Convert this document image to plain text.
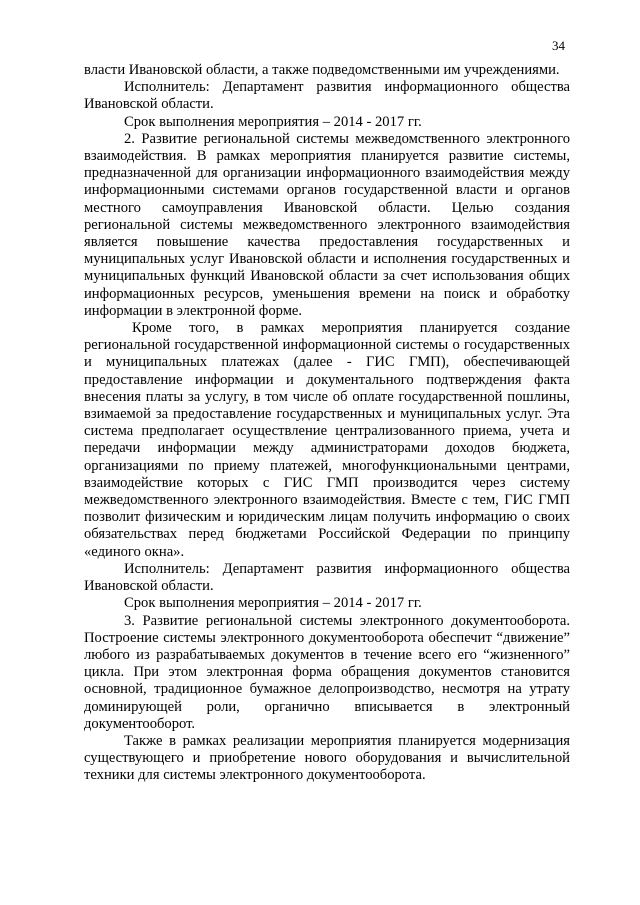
34

власти Ивановской области, а также подведомственными им учреждениями.

Исполнитель: Департамент развития информационного общества Ивановской области.

Срок выполнения мероприятия – 2014 - 2017 гг.

2. Развитие региональной системы межведомственного электронного взаимодействия. В рамках мероприятия планируется развитие системы, предназначенной для организации информационного взаимодействия между информационными системами органов государственной власти и органов местного самоуправления Ивановской области. Целью создания региональной системы межведомственного электронного взаимодействия является повышение качества предоставления государственных и муниципальных услуг Ивановской области и исполнения государственных и муниципальных функций Ивановской области за счет использования общих информационных ресурсов, уменьшения времени на поиск и обработку информации в электронной форме.

Кроме того, в рамках мероприятия планируется создание региональной государственной информационной системы о государственных и муниципальных платежах (далее - ГИС ГМП), обеспечивающей предоставление информации и документального подтверждения факта внесения платы за услугу, в том числе об оплате государственной пошлины, взимаемой за предоставление государственных и муниципальных услуг. Эта система предполагает осуществление централизованного приема, учета и передачи информации между администраторами доходов бюджета, организациями по приему платежей, многофункциональными центрами, взаимодействие которых с ГИС ГМП производится через систему межведомственного электронного взаимодействия. Вместе с тем, ГИС ГМП позволит физическим и юридическим лицам получить информацию о своих обязательствах перед бюджетами Российской Федерации по принципу «единого окна».

Исполнитель: Департамент развития информационного общества Ивановской области.

Срок выполнения мероприятия – 2014 - 2017 гг.

3. Развитие региональной системы электронного документооборота. Построение системы электронного документооборота обеспечит “движение” любого из разрабатываемых документов в течение всего его “жизненного” цикла. При этом электронная форма обращения документов становится основной, традиционное бумажное делопроизводство, несмотря на утрату доминирующей роли, органично вписывается в электронный документооборот.

Также в рамках реализации мероприятия планируется модернизация существующего и приобретение нового оборудования и вычислительной техники для системы электронного документооборота.
